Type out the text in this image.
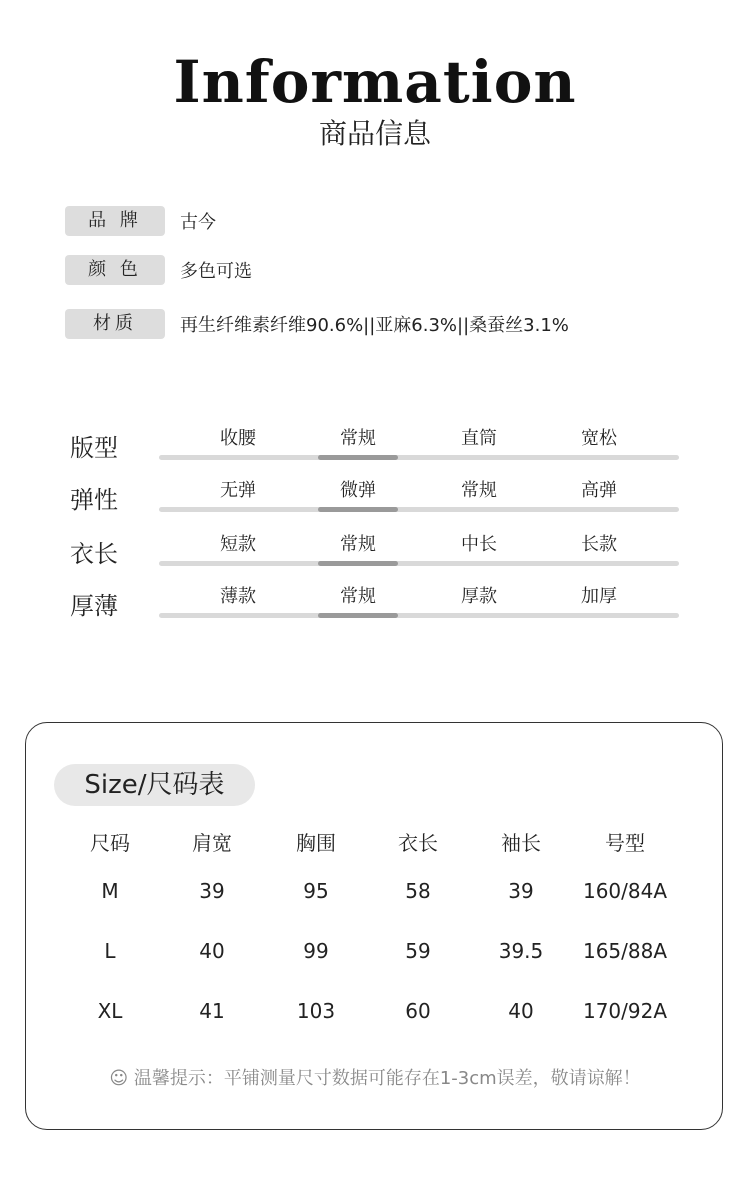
Information
商品信息
品 牌	古今
颜 色	多色可选
材质	再生纤维素纤维90.6%||亚麻6.3%||桑蚕丝3.1%
版型	收腰	常规	直筒	宽松
弹性	无弹	微弹	常规	高弹
衣长	短款	常规	中长	长款
厚薄	薄款	常规	厚款	加厚
Size/尺码表
尺码	肩宽	胸围	衣长	袖长	号型
M	39	95	58	39	160/84A
L	40	99	59	39.5	165/88A
XL	41	103	60	40	170/92A
☺ 温馨提示：平铺测量尺寸数据可能存在1-3cm误差，敬请谅解！
